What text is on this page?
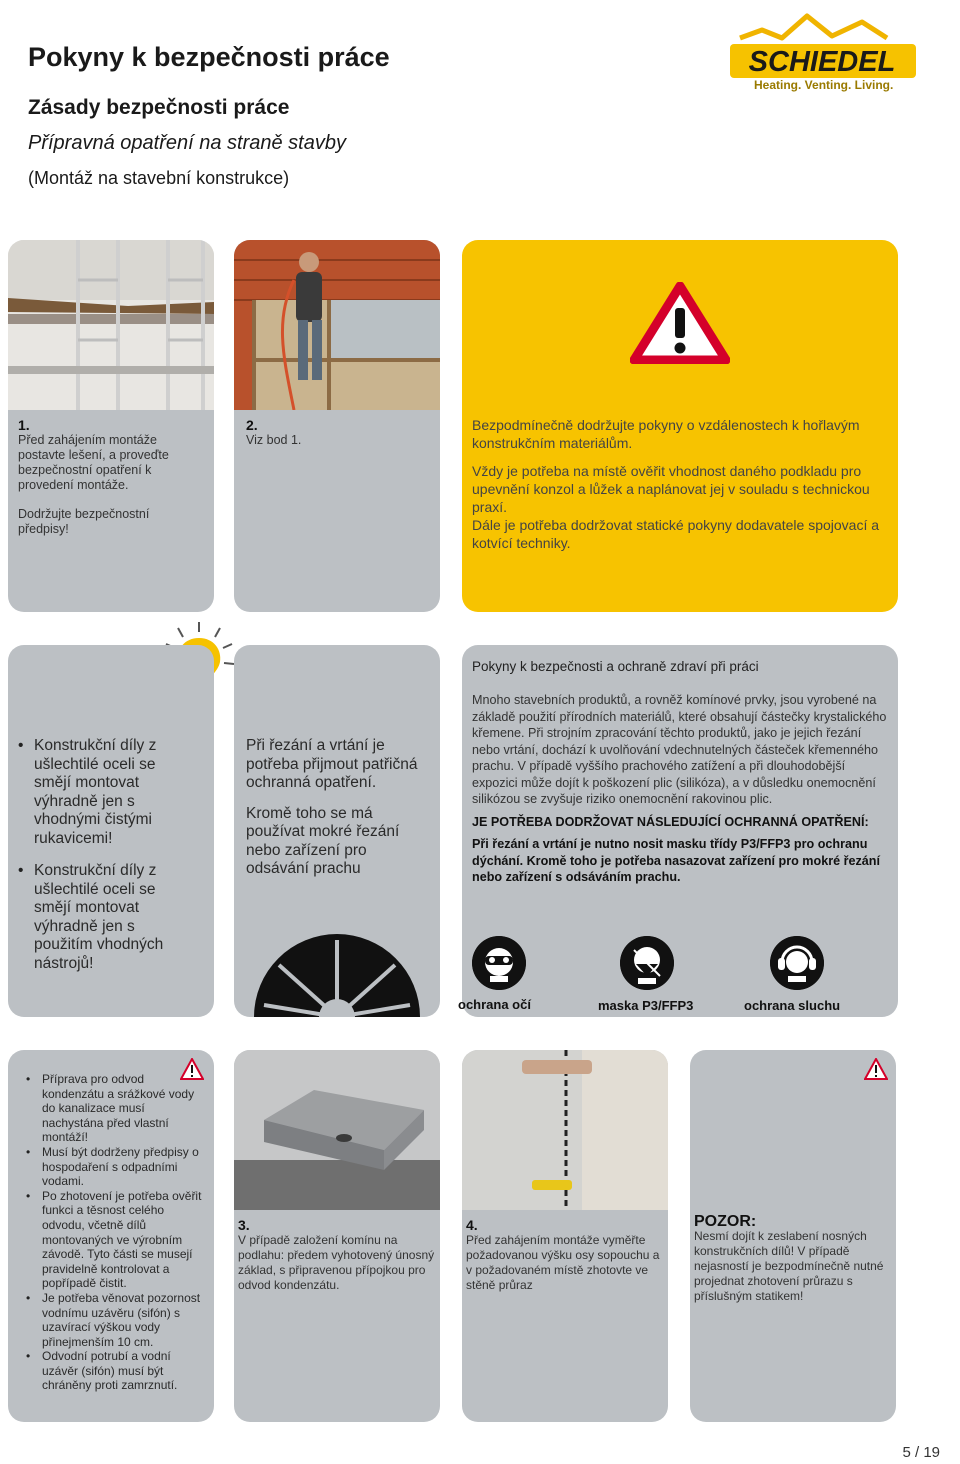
Pokyny k bezpečnosti práce
Zásady bezpečnosti práce
Přípravná opatření na straně stavby
(Montáž na stavební konstrukce)
SCHIEDEL
Heating. Venting. Living.
1.
Před zahájením montáže postavte lešení, a proveďte bezpečnostní opatření k provedení montáže.
Dodržujte bezpečnostní předpisy!
2.
Viz bod 1.

Bezpodmínečně dodržujte pokyny o vzdálenostech k hořlavým konstrukčním materiálům.

Vždy je potřeba na místě ověřit vhodnost daného podkladu pro upevnění konzol a lůžek a naplánovat jej v souladu s technickou praxí.

Dále je potřeba dodržovat statické pokyny dodavatele spojovací a kotvící techniky.

• Konstrukční díly z ušlechtilé oceli se smějí montovat výhradně jen s vhodnými čistými rukavicemi!
• Konstrukční díly z ušlechtilé oceli se smějí montovat výhradně jen s použitím vhodných nástrojů!
Při řezání a vrtání je potřeba přijmout patřičná ochranná opatření.
Kromě toho se má používat mokré řezání nebo zařízení pro odsávání prachu
Pokyny k bezpečnosti a ochraně zdraví při práci

Mnoho stavebních produktů, a rovněž komínové prvky, jsou vyrobené na základě použití přírodních materiálů, které obsahují částečky krystalického křemene. Při strojním zpracování těchto produktů, jako je jejich řezání nebo vrtání, dochází k uvolňování vdechnutelných částeček křemenného prachu. V případě vyššího prachového zatížení a při dlouhodobější expozici může dojít k poškození plic (silikóza), a v důsledku onemocnění silikózou se zvyšuje riziko onemocnění rakovinou plic.

JE POTŘEBA DODRŽOVAT NÁSLEDUJÍCÍ OCHRANNÁ OPATŘENÍ:

Při řezání a vrtání je nutno nosit masku třídy P3/FFP3 pro ochranu dýchání. Kromě toho je potřeba nasazovat zařízení pro mokré řezání nebo zařízení s odsáváním prachu.

ochrana očí	maska P3/FFP3	ochrana sluchu
• Příprava pro odvod kondenzátu a srážkové vody do kanalizace musí nachystána před vlastní montáží!
• Musí být dodrženy předpisy o hospodaření s odpadními vodami.
• Po zhotovení je potřeba ověřit funkci a těsnost celého odvodu, včetně dílů montovaných ve výrobním závodě. Tyto části se musejí pravidelně kontrolovat a popřípadě čistit.
• Je potřeba věnovat pozornost vodnímu uzávěru (sifón) s uzavírací výškou vody přinejmenším 10 cm.
• Odvodní potrubí a vodní uzávěr (sifón) musí být chráněny proti zamrznutí.
3.
V případě založení komínu na podlahu: předem vyhotovený únosný základ, s připravenou přípojkou pro odvod kondenzátu.
4.
Před zahájením montáže vyměřte požadovanou výšku osy sopouchu a v požadovaném místě zhotovte ve stěně průraz
POZOR:
Nesmí dojít k zeslabení nosných konstrukčních dílů! V případě nejasností je bezpodmínečně nutné projednat zhotovení průrazu s příslušným statikem!
5 / 19
